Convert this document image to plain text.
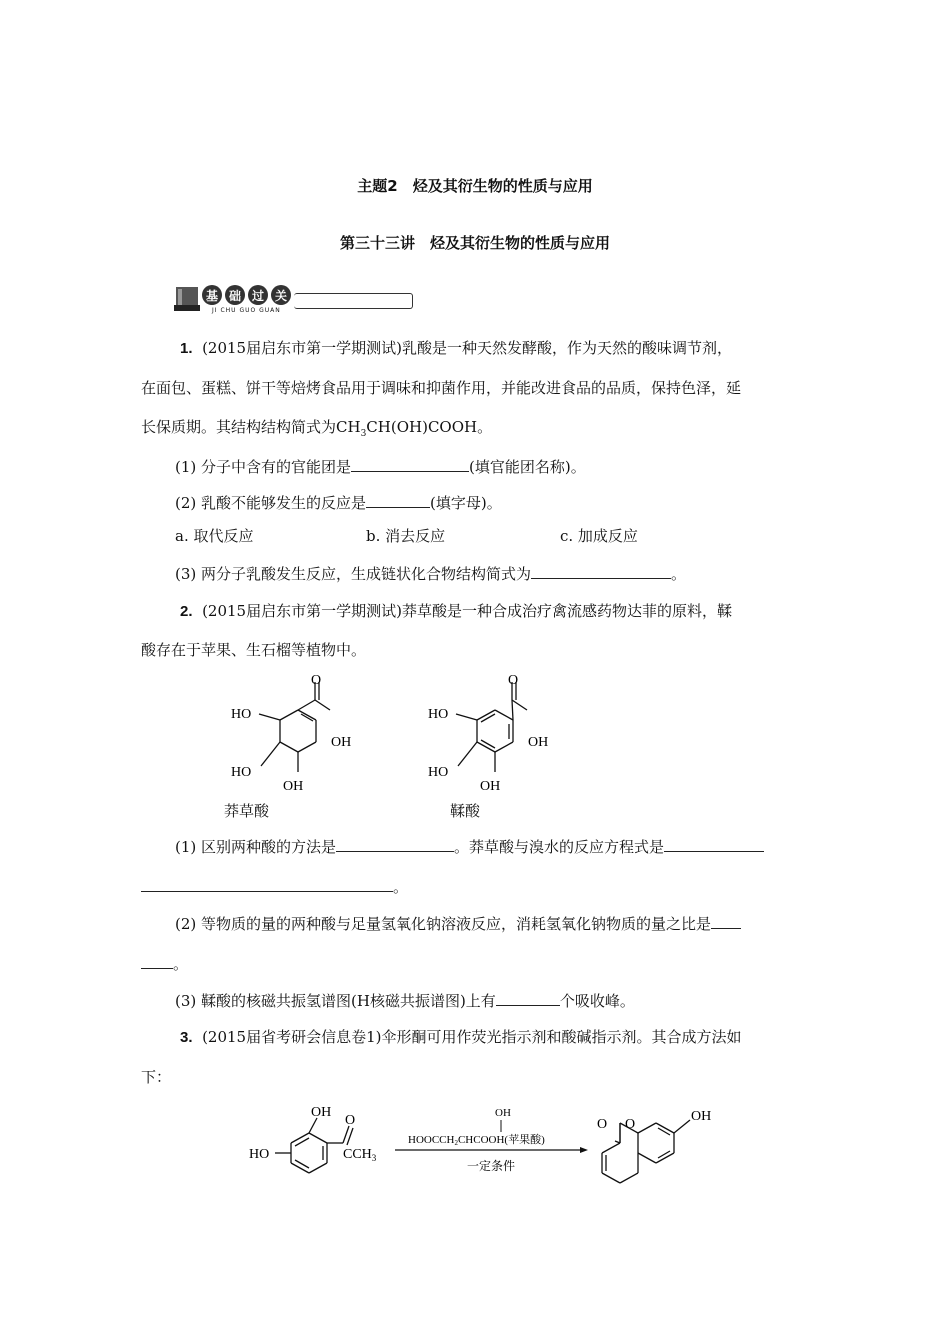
主题2　烃及其衍生物的性质与应用
第三十三讲　烃及其衍生物的性质与应用
基 础 过 关
JI CHU GUO GUAN
1. (2015届启东市第一学期测试)乳酸是一种天然发酵酸，作为天然的酸味调节剂，
在面包、蛋糕、饼干等焙烤食品用于调味和抑菌作用，并能改进食品的品质，保持色泽，延
长保质期。其结构结构简式为$CH_3CH(OH)COOH$。
(1) 分子中含有的官能团是	(填官能团名称)。
(2) 乳酸不能够发生的反应是	(填字母)。
a. 取代反应	b. 消去反应	c. 加成反应
(3) 两分子乳酸发生反应，生成链状化合物结构简式为	。
2. (2015届启东市第一学期测试)莽草酸是一种合成治疗禽流感药物达菲的原料，鞣
酸存在于苹果、生石榴等植物中。
O
HO
OH
HO
OH
莽草酸
O
HO
OH
HO
OH
鞣酸
(1) 区别两种酸的方法是	。莽草酸与溴水的反应方程式是
。
(2) 等物质的量的两种酸与足量氢氧化钠溶液反应，消耗氢氧化钠物质的量之比是
。
(3) 鞣酸的核磁共振氢谱图(H核磁共振谱图)上有	个吸收峰。
3. (2015届省考研会信息卷1)伞形酮可用作荧光指示剂和酸碱指示剂。其合成方法如
下：
OH
O
HO	$CCH_3$
OH
HOOCCH2CHCOOH(苹果酸)
一定条件
O O
OH
